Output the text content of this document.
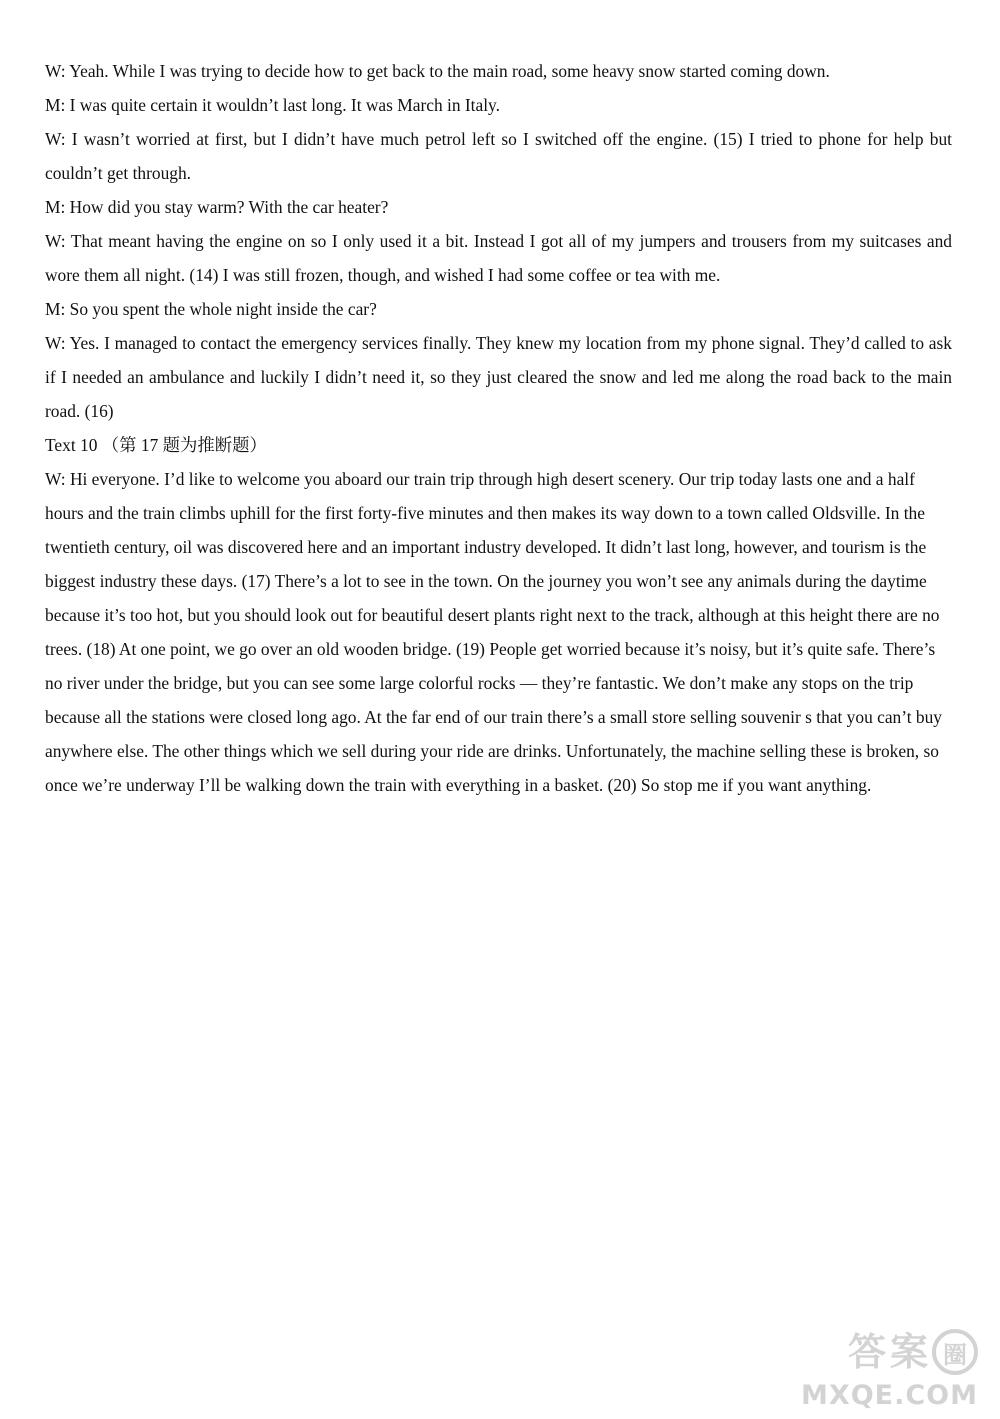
W: Yeah. While I was trying to decide how to get back to the main road, some heavy snow started coming down.

M: I was quite certain it wouldn’t last long. It was March in Italy.

W: I wasn’t worried at first, but I didn’t have much petrol left so I switched off the engine. (15) I tried to phone for help but couldn’t get through.

M: How did you stay warm? With the car heater?

W: That meant having the engine on so I only used it a bit. Instead I got all of my jumpers and trousers from my suitcases and wore them all night. (14) I was still frozen, though, and wished I had some coffee or tea with me.

M: So you spent the whole night inside the car?

W: Yes. I managed to contact the emergency services finally. They knew my location from my phone signal. They’d called to ask if I needed an ambulance and luckily I didn’t need it, so they just cleared the snow and led me along the road back to the main road. (16)

Text 10 （第 17 题为推断题）

W: Hi everyone. I’d like to welcome you aboard our train trip through high desert scenery. Our trip today lasts one and a half hours and the train climbs uphill for the first forty-five minutes and then makes its way down to a town called Oldsville. In the twentieth century, oil was discovered here and an important industry developed. It didn’t last long, however, and tourism is the biggest industry these days. (17) There’s a lot to see in the town. On the journey you won’t see any animals during the daytime because it’s too hot, but you should look out for beautiful desert plants right next to the track, although at this height there are no trees. (18) At one point, we go over an old wooden bridge. (19) People get worried because it’s noisy, but it’s quite safe. There’s no river under the bridge, but you can see some large colorful rocks — they’re fantastic. We don’t make any stops on the trip because all the stations were closed long ago. At the far end of our train there’s a small store selling souvenir s that you can’t buy anywhere else. The other things which we sell during your ride are drinks. Unfortunately, the machine selling these is broken, so once we’re underway I’ll be walking down the train with everything in a basket. (20) So stop me if you want anything.

答 案 圈
MXQE.COM
